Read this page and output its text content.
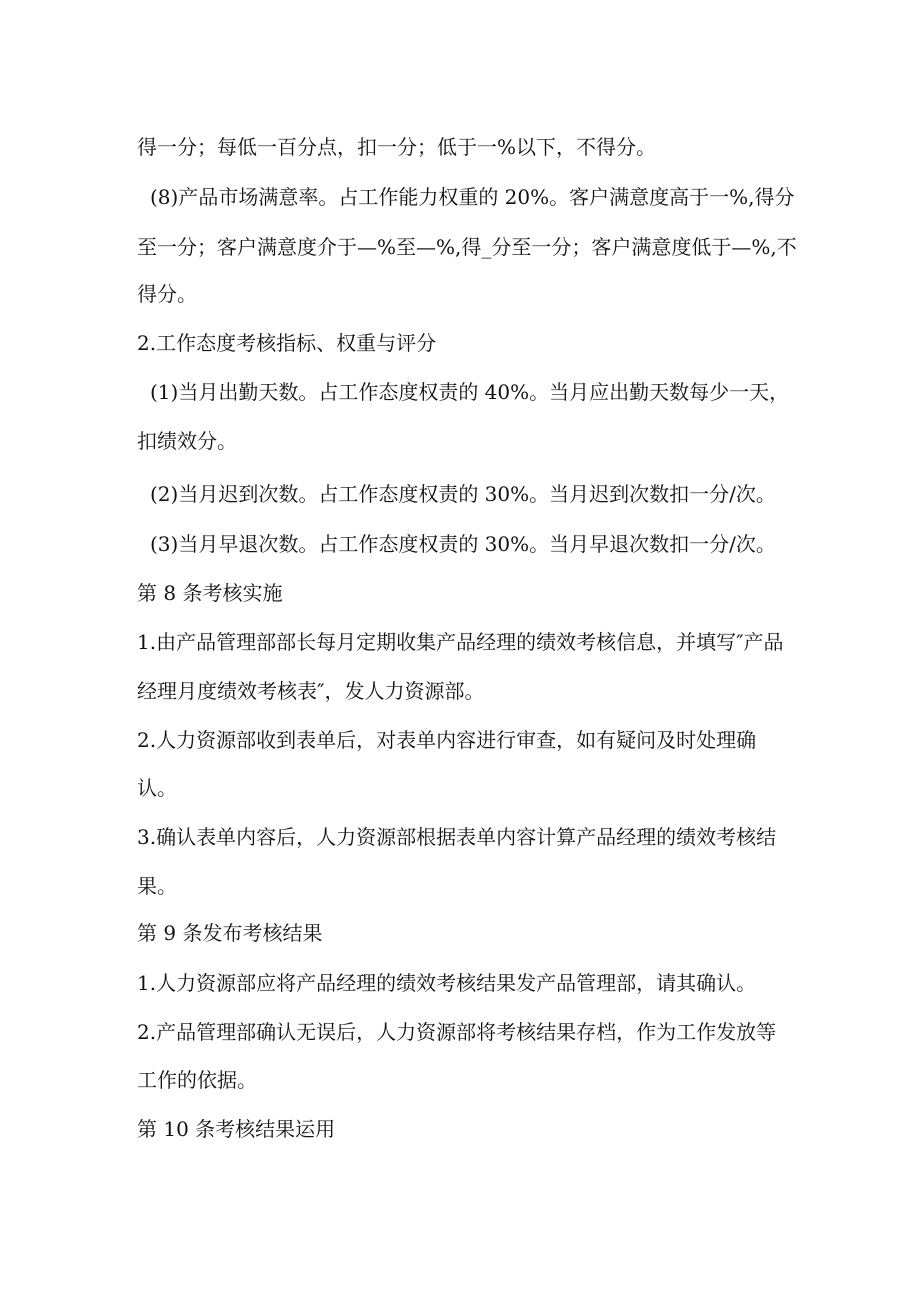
得一分；每低一百分点，扣一分；低于一%以下，不得分。
(8)产品市场满意率。占工作能力权重的 20%。客户满意度高于一%,得分
至一分；客户满意度介于—%至—%,得_分至一分；客户满意度低于—%,不
得分。
2.工作态度考核指标、权重与评分
(1)当月出勤天数。占工作态度权责的 40%。当月应出勤天数每少一天，
扣绩效分。
(2)当月迟到次数。占工作态度权责的 30%。当月迟到次数扣一分/次。
(3)当月早退次数。占工作态度权责的 30%。当月早退次数扣一分/次。
第 8 条考核实施
1.由产品管理部部长每月定期收集产品经理的绩效考核信息，并填写″产品
经理月度绩效考核表″，发人力资源部。
2.人力资源部收到表单后，对表单内容进行审查，如有疑问及时处理确
认。
3.确认表单内容后，人力资源部根据表单内容计算产品经理的绩效考核结
果。
第 9 条发布考核结果
1.人力资源部应将产品经理的绩效考核结果发产品管理部，请其确认。
2.产品管理部确认无误后，人力资源部将考核结果存档，作为工作发放等
工作的依据。
第 10 条考核结果运用
